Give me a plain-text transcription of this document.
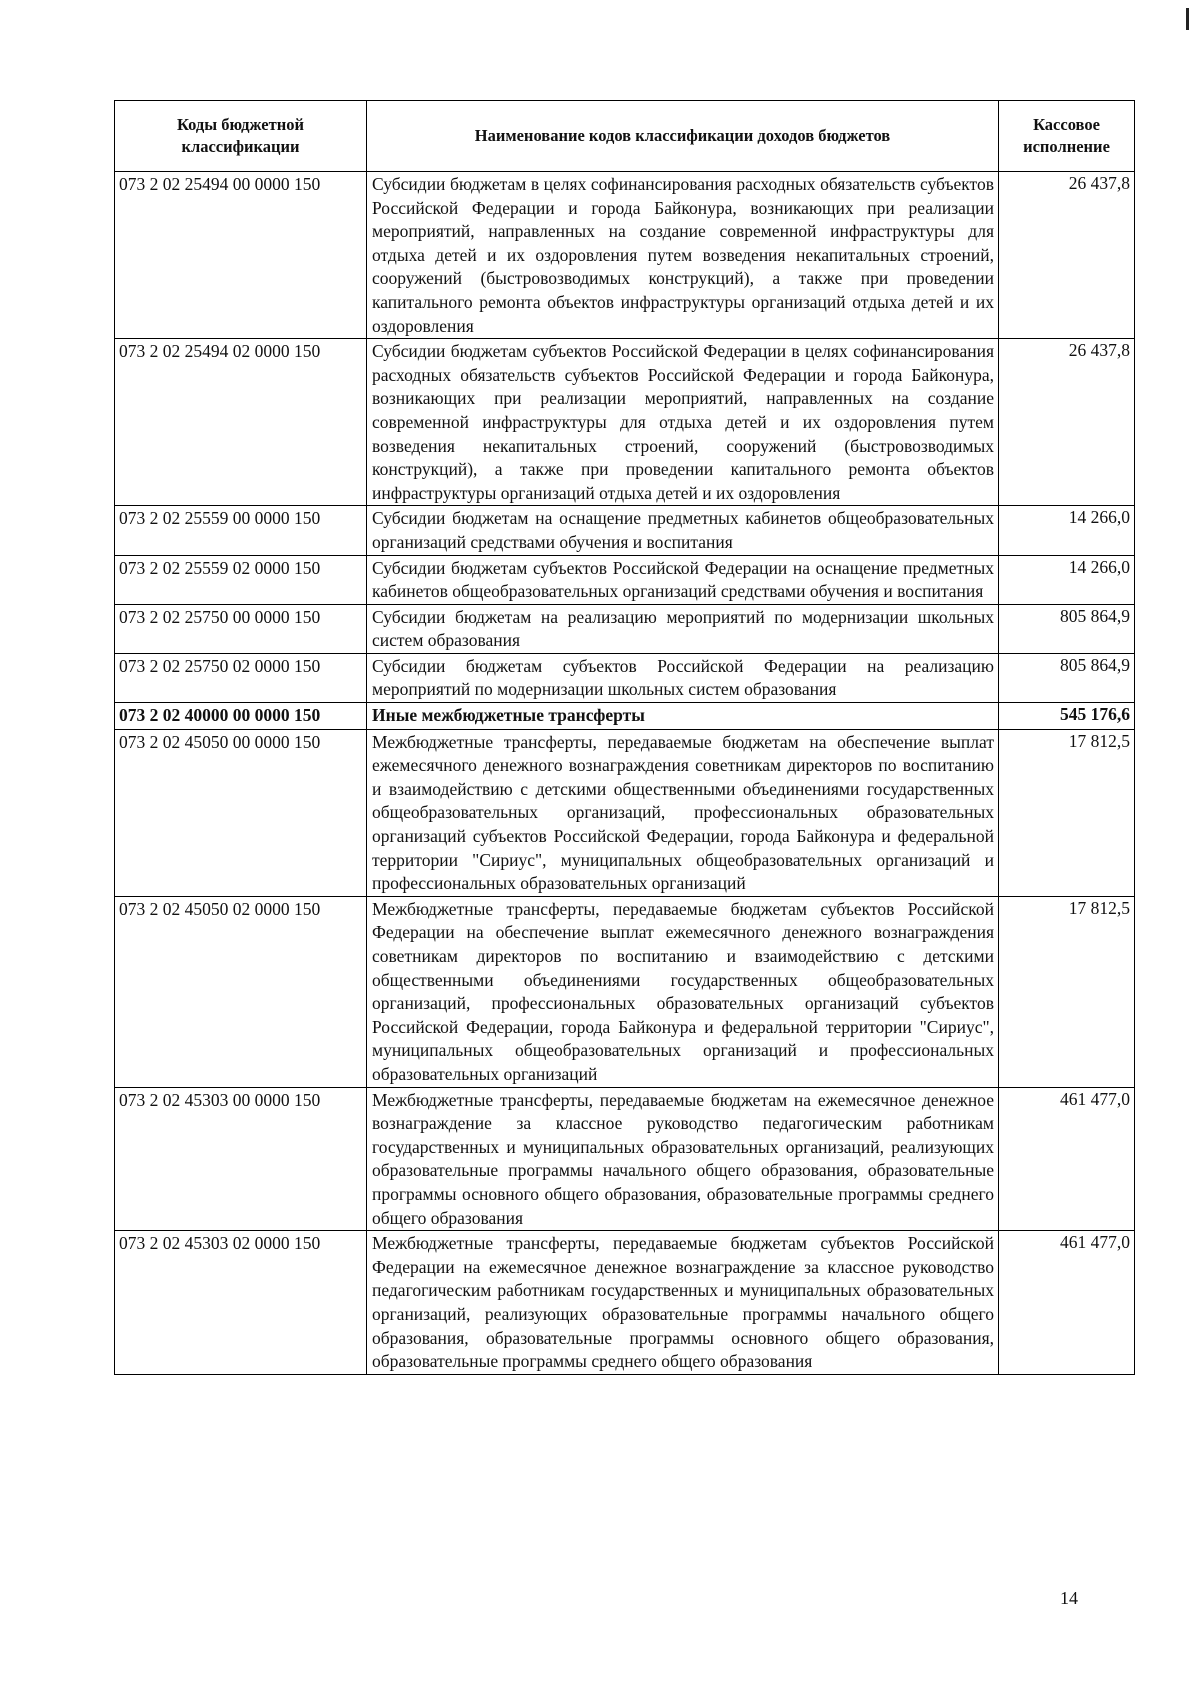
Коды бюджетной классификации	Наименование кодов классификации доходов бюджетов	Кассовое исполнение
073 2 02 25494 00 0000 150	Субсидии бюджетам в целях софинансирования расходных обязательств субъектов Российской Федерации и города Байконура, возникающих при реализации мероприятий, направленных на создание современной инфраструктуры для отдыха детей и их оздоровления путем возведения некапитальных строений, сооружений (быстровозводимых конструкций), а также при проведении капитального ремонта объектов инфраструктуры организаций отдыха детей и их оздоровления	26 437,8
073 2 02 25494 02 0000 150	Субсидии бюджетам субъектов Российской Федерации в целях софинансирования расходных обязательств субъектов Российской Федерации и города Байконура, возникающих при реализации мероприятий, направленных на создание современной инфраструктуры для отдыха детей и их оздоровления путем возведения некапитальных строений, сооружений (быстровозводимых конструкций), а также при проведении капитального ремонта объектов инфраструктуры организаций отдыха детей и их оздоровления	26 437,8
073 2 02 25559 00 0000 150	Субсидии бюджетам на оснащение предметных кабинетов общеобразовательных организаций средствами обучения и воспитания	14 266,0
073 2 02 25559 02 0000 150	Субсидии бюджетам субъектов Российской Федерации на оснащение предметных кабинетов общеобразовательных организаций средствами обучения и воспитания	14 266,0
073 2 02 25750 00 0000 150	Субсидии бюджетам на реализацию мероприятий по модернизации школьных систем образования	805 864,9
073 2 02 25750 02 0000 150	Субсидии бюджетам субъектов Российской Федерации на реализацию мероприятий по модернизации школьных систем образования	805 864,9
073 2 02 40000 00 0000 150	Иные межбюджетные трансферты	545 176,6
073 2 02 45050 00 0000 150	Межбюджетные трансферты, передаваемые бюджетам на обеспечение выплат ежемесячного денежного вознаграждения советникам директоров по воспитанию и взаимодействию с детскими общественными объединениями государственных общеобразовательных организаций, профессиональных образовательных организаций субъектов Российской Федерации, города Байконура и федеральной территории "Сириус", муниципальных общеобразовательных организаций и профессиональных образовательных организаций	17 812,5
073 2 02 45050 02 0000 150	Межбюджетные трансферты, передаваемые бюджетам субъектов Российской Федерации на обеспечение выплат ежемесячного денежного вознаграждения советникам директоров по воспитанию и взаимодействию с детскими общественными объединениями государственных общеобразовательных организаций, профессиональных образовательных организаций субъектов Российской Федерации, города Байконура и федеральной территории "Сириус", муниципальных общеобразовательных организаций и профессиональных образовательных организаций	17 812,5
073 2 02 45303 00 0000 150	Межбюджетные трансферты, передаваемые бюджетам на ежемесячное денежное вознаграждение за классное руководство педагогическим работникам государственных и муниципальных образовательных организаций, реализующих образовательные программы начального общего образования, образовательные программы основного общего образования, образовательные программы среднего общего образования	461 477,0
073 2 02 45303 02 0000 150	Межбюджетные трансферты, передаваемые бюджетам субъектов Российской Федерации на ежемесячное денежное вознаграждение за классное руководство педагогическим работникам государственных и муниципальных образовательных организаций, реализующих образовательные программы начального общего образования, образовательные программы основного общего образования, образовательные программы среднего общего образования	461 477,0
14
